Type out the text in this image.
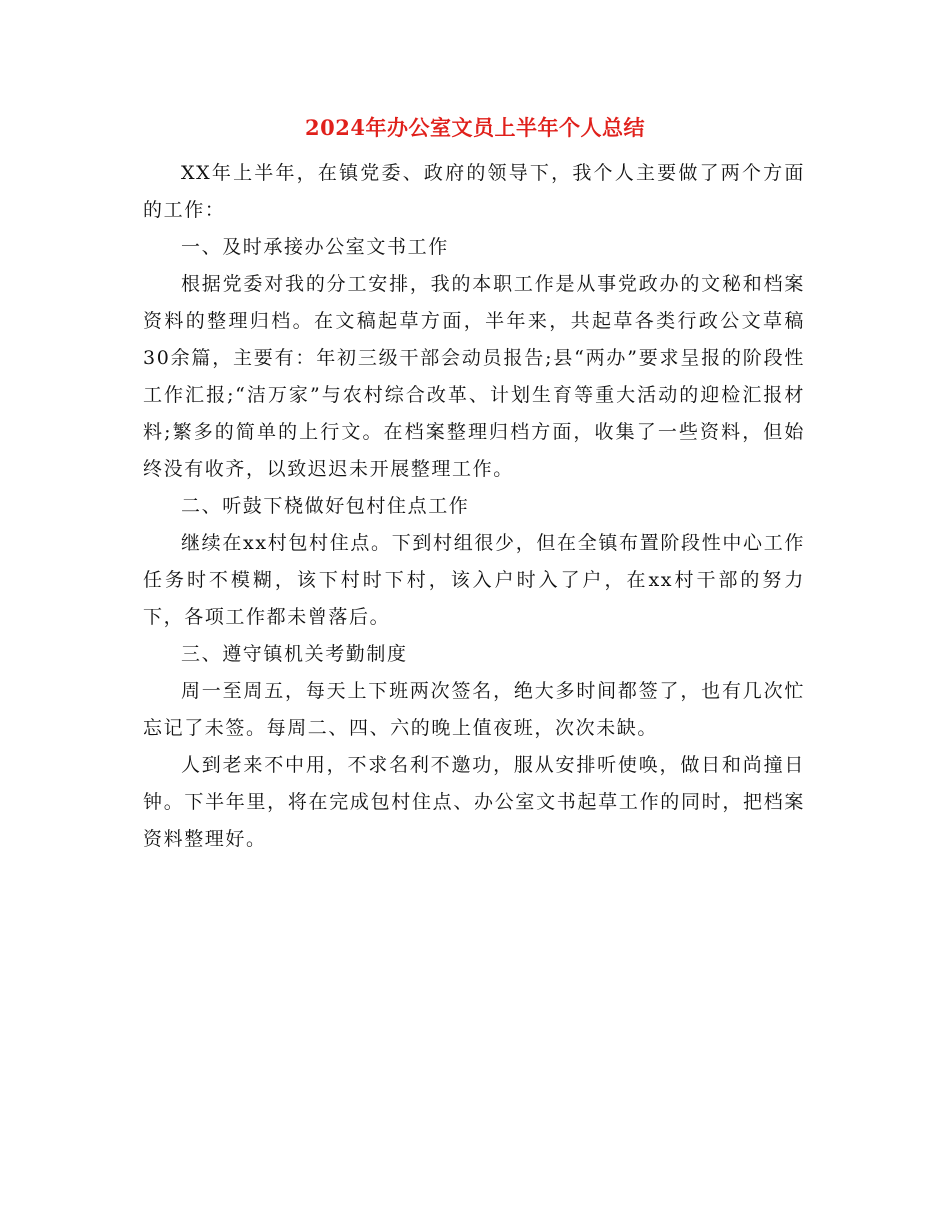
2024年办公室文员上半年个人总结

XX年上半年，在镇党委、政府的领导下，我个人主要做了两个方面的工作：

一、及时承接办公室文书工作

根据党委对我的分工安排，我的本职工作是从事党政办的文秘和档案资料的整理归档。在文稿起草方面，半年来，共起草各类行政公文草稿30余篇，主要有：年初三级干部会动员报告;县“两办”要求呈报的阶段性工作汇报;“洁万家”与农村综合改革、计划生育等重大活动的迎检汇报材料;繁多的简单的上行文。在档案整理归档方面，收集了一些资料，但始终没有收齐，以致迟迟未开展整理工作。

二、听鼓下桡做好包村住点工作

继续在xx村包村住点。下到村组很少，但在全镇布置阶段性中心工作任务时不模糊，该下村时下村，该入户时入了户，在xx村干部的努力下，各项工作都未曾落后。

三、遵守镇机关考勤制度

周一至周五，每天上下班两次签名，绝大多时间都签了，也有几次忙忘记了未签。每周二、四、六的晚上值夜班，次次未缺。

人到老来不中用，不求名利不邀功，服从安排听使唤，做日和尚撞日钟。下半年里，将在完成包村住点、办公室文书起草工作的同时，把档案资料整理好。
